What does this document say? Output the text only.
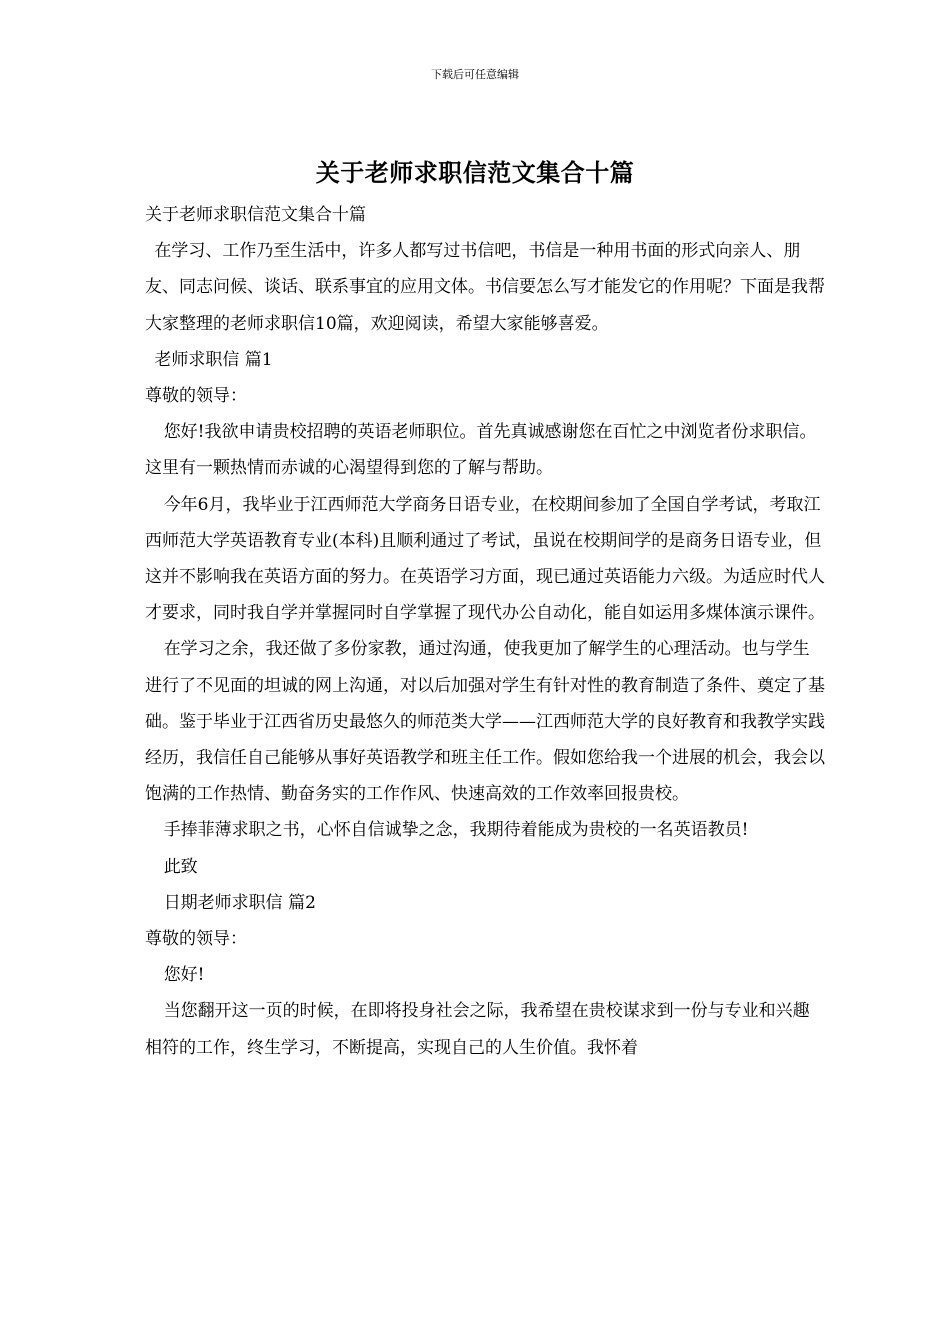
下载后可任意编辑
关于老师求职信范文集合十篇

关于老师求职信范文集合十篇

在学习、工作乃至生活中，许多人都写过书信吧，书信是一种用书面的形式向亲人、朋友、同志问候、谈话、联系事宜的应用文体。书信要怎么写才能发它的作用呢？下面是我帮大家整理的老师求职信10篇，欢迎阅读，希望大家能够喜爱。

老师求职信 篇1

尊敬的领导：

您好!我欲申请贵校招聘的英语老师职位。首先真诚感谢您在百忙之中浏览者份求职信。这里有一颗热情而赤诚的心渴望得到您的了解与帮助。

今年6月，我毕业于江西师范大学商务日语专业，在校期间参加了全国自学考试，考取江西师范大学英语教育专业(本科)且顺利通过了考试，虽说在校期间学的是商务日语专业，但这并不影响我在英语方面的努力。在英语学习方面，现已通过英语能力六级。为适应时代人才要求，同时我自学并掌握同时自学掌握了现代办公自动化，能自如运用多煤体演示课件。

在学习之余，我还做了多份家教，通过沟通，使我更加了解学生的心理活动。也与学生进行了不见面的坦诚的网上沟通，对以后加强对学生有针对性的教育制造了条件、奠定了基础。鉴于毕业于江西省历史最悠久的师范类大学——江西师范大学的良好教育和我教学实践经历，我信任自己能够从事好英语教学和班主任工作。假如您给我一个进展的机会，我会以饱满的工作热情、勤奋务实的工作作风、快速高效的工作效率回报贵校。

手捧菲薄求职之书，心怀自信诚挚之念，我期待着能成为贵校的一名英语教员!

此致

日期老师求职信 篇2

尊敬的领导：

您好!

当您翻开这一页的时候，在即将投身社会之际，我希望在贵校谋求到一份与专业和兴趣相符的工作，终生学习，不断提高，实现自己的人生价值。我怀着
